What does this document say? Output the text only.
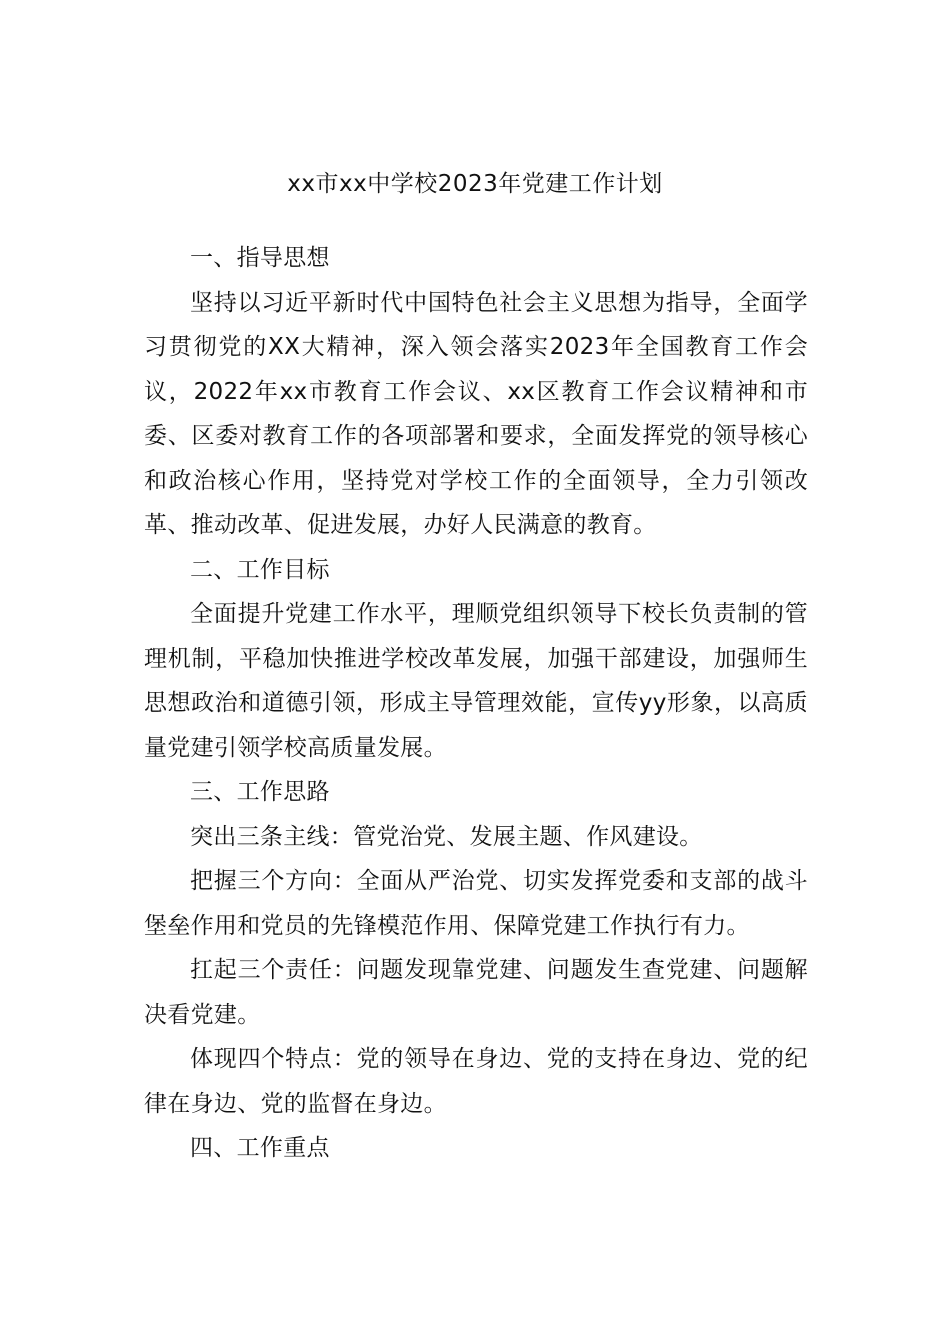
xx市xx中学校2023年党建工作计划

一、指导思想

坚持以习近平新时代中国特色社会主义思想为指导，全面学习贯彻党的XX大精神，深入领会落实2023年全国教育工作会议，2022年xx市教育工作会议、xx区教育工作会议精神和市委、区委对教育工作的各项部署和要求，全面发挥党的领导核心和政治核心作用，坚持党对学校工作的全面领导，全力引领改革、推动改革、促进发展，办好人民满意的教育。

二、工作目标

全面提升党建工作水平，理顺党组织领导下校长负责制的管理机制，平稳加快推进学校改革发展，加强干部建设，加强师生思想政治和道德引领，形成主导管理效能，宣传yy形象，以高质量党建引领学校高质量发展。

三、工作思路

突出三条主线：管党治党、发展主题、作风建设。

把握三个方向：全面从严治党、切实发挥党委和支部的战斗堡垒作用和党员的先锋模范作用、保障党建工作执行有力。

扛起三个责任：问题发现靠党建、问题发生查党建、问题解决看党建。

体现四个特点：党的领导在身边、党的支持在身边、党的纪律在身边、党的监督在身边。

四、工作重点
